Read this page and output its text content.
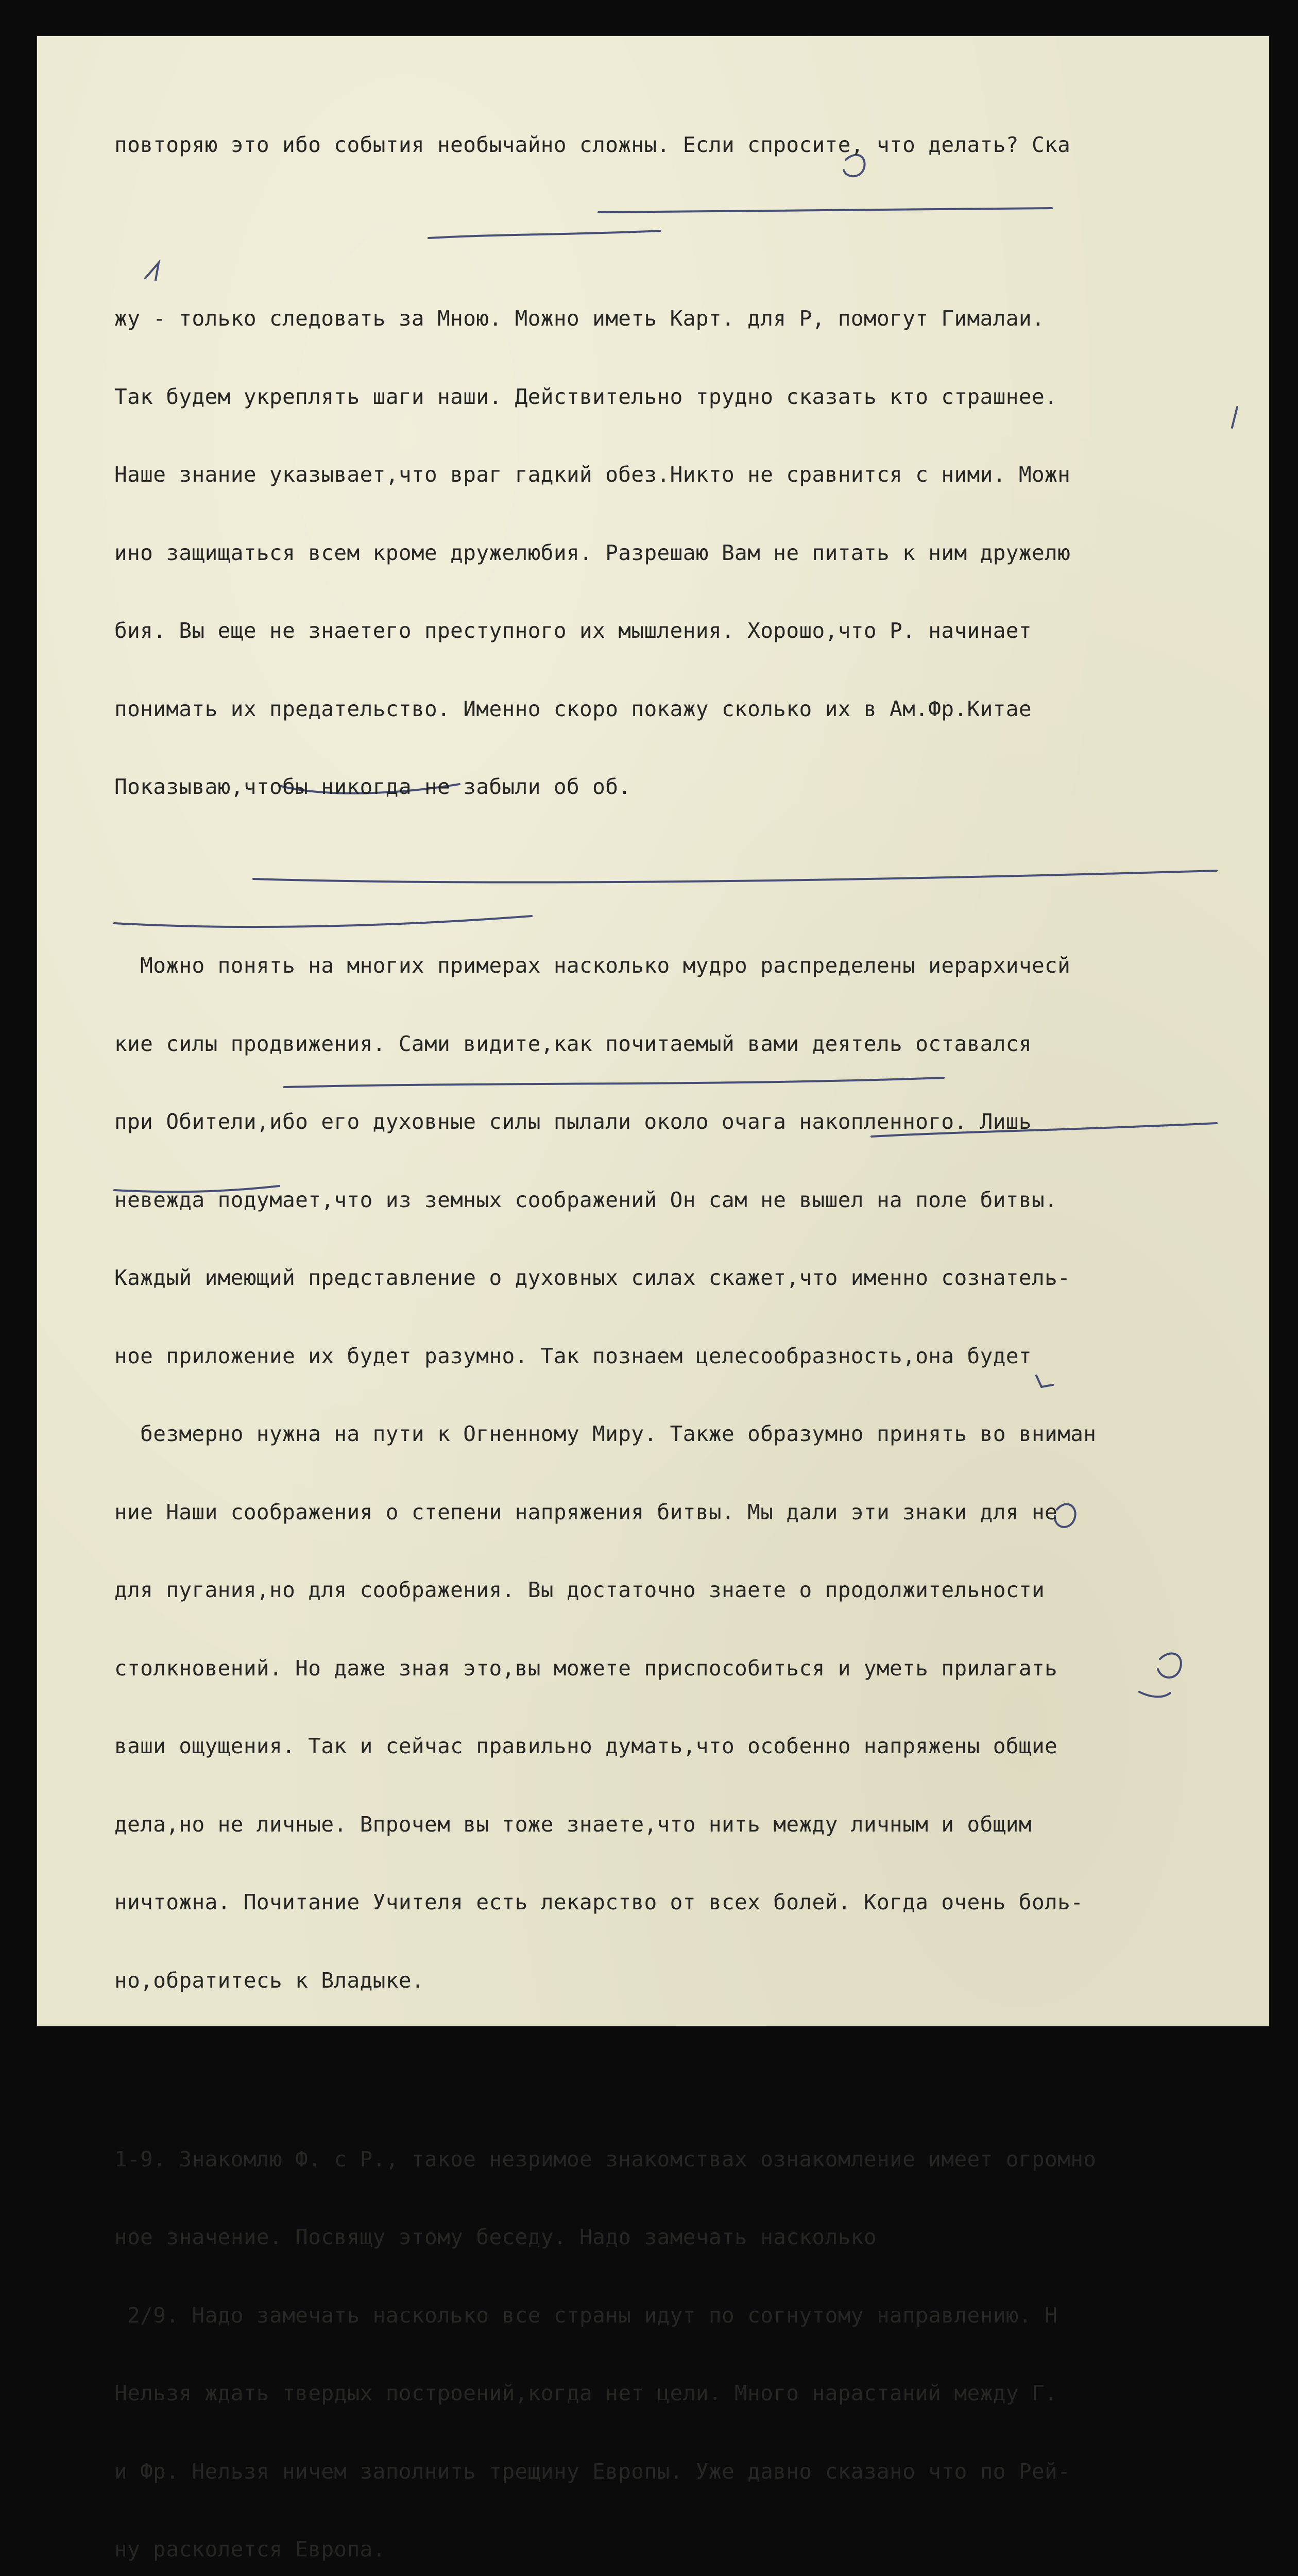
повторяю это ибо события необычайно сложны. Если спросите, что делать? Ска

жу - только следовать за Мною. Можно иметь Карт. для Р, помогут Гималаи.

Так будем укреплять шаги наши. Действительно трудно сказать кто страшнее.

Наше знание указывает,что враг гадкий обез.Никто не сравнится с ними. Можн

ино защищаться всем кроме дружелюбия. Разрешаю Вам не питать к ним дружелю

бия. Вы еще не знаетего преступного их мышления. Хорошо,что Р. начинает

понимать их предательство. Именно скоро покажу сколько их в Ам.Фр.Китае

Показываю,чтобы никогда не забыли об об.

Можно понять на многих примерах насколько мудро распределены иерархичесй

кие силы продвижения. Сами видите,как почитаемый вами деятель оставался

при Обители,ибо его духовные силы пылали около очага накопленного. Лишь

невежда подумает,что из земных соображений Он сам не вышел на поле битвы.

Каждый имеющий представление о духовных силах скажет,что именно сознатель-

ное приложение их будет разумно. Так познаем целесообразность,она будет

безмерно нужна на пути к Огненному Миру. Также образумно принять во вниман

ние Наши соображения о степени напряжения битвы. Мы дали эти знаки для не

для пугания,но для соображения. Вы достаточно знаете о продолжительности

столкновений. Но даже зная это,вы можете приспособиться и уметь прилагать

ваши ощущения. Так и сейчас правильно думать,что особенно напряжены общие

дела,но не личные. Впрочем вы тоже знаете,что нить между личным и общим

ничтожна. Почитание Учителя есть лекарство от всех болей. Когда очень боль-

но,обратитесь к Владыке.

1-9. Знакомлю Ф. с Р., такое незримое знакомствах ознакомление имеет огромно

ное значение. Посвящу этому беседу. Надо замечать насколько

2/9. Надо замечать насколько все страны идут по согнутому направлению. Н

Нельзя ждать твердых построений,когда нет цели. Много нарастаний между Г.

и Фр. Нельзя ничем заполнить трещину Европы. Уже давно сказано что по Рей-

ну расколется Европа.
